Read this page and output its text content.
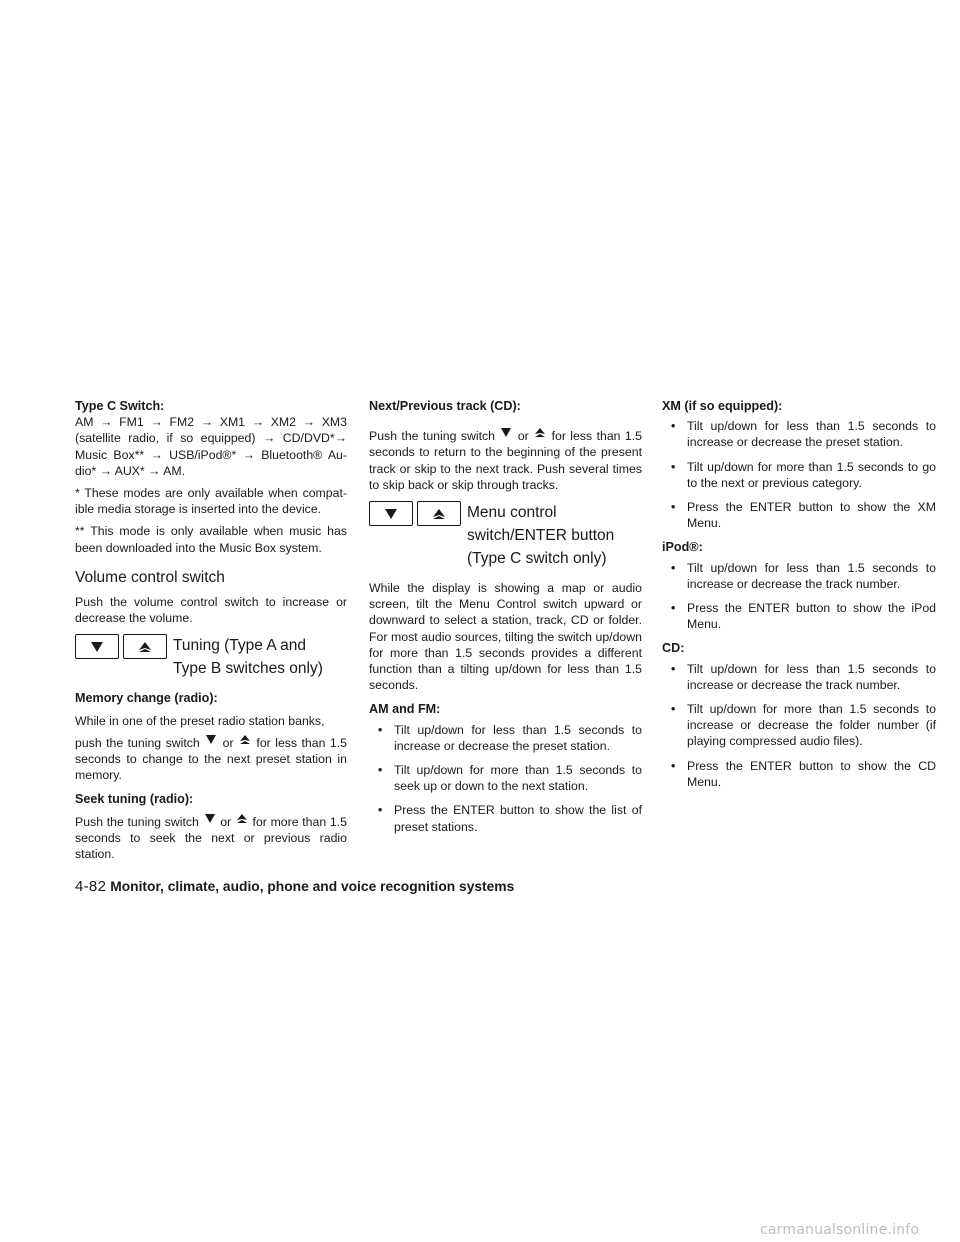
Type C Switch:

AM → FM1 → FM2 → XM1 → XM2 → XM3 (satellite radio, if so equipped) → CD/DVD*→ Music Box** → USB/iPod®* → Bluetooth® Au-dio* → AUX* → AM.

* These modes are only available when compat-ible media storage is inserted into the device.

** This mode is only available when music has been downloaded into the Music Box system.

Volume control switch

Push the volume control switch to increase or decrease the volume.

Tuning (Type A and
Type B switches only)

Memory change (radio):

While in one of the preset radio station banks,

push the tuning switch or for less than 1.5 seconds to change to the next preset station in memory.

Seek tuning (radio):

Push the tuning switch or for more than 1.5 seconds to seek the next or previous radio station.

Next/Previous track (CD):

Push the tuning switch or for less than 1.5 seconds to return to the beginning of the present track or skip to the next track. Push several times to skip back or skip through tracks.

Menu control
switch/ENTER button
(Type C switch only)

While the display is showing a map or audio screen, tilt the Menu Control switch upward or downward to select a station, track, CD or folder. For most audio sources, tilting the switch up/down for more than 1.5 seconds provides a different function than a tilting up/down for less than 1.5 seconds.

AM and FM:

• Tilt up/down for less than 1.5 seconds to increase or decrease the preset station.
• Tilt up/down for more than 1.5 seconds to seek up or down to the next station.
• Press the ENTER button to show the list of preset stations.

XM (if so equipped):

• Tilt up/down for less than 1.5 seconds to increase or decrease the preset station.
• Tilt up/down for more than 1.5 seconds to go to the next or previous category.
• Press the ENTER button to show the XM Menu.

iPod®:

• Tilt up/down for less than 1.5 seconds to increase or decrease the track number.
• Press the ENTER button to show the iPod Menu.

CD:

• Tilt up/down for less than 1.5 seconds to increase or decrease the track number.
• Tilt up/down for more than 1.5 seconds to increase or decrease the folder number (if playing compressed audio files).
• Press the ENTER button to show the CD Menu.
4-82 Monitor, climate, audio, phone and voice recognition systems
carmanualsonline.info
